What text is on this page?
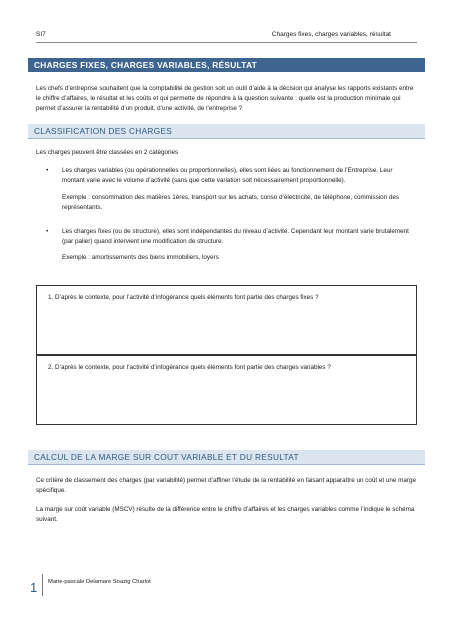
SI7	Charges fixes, charges variables, résultat
CHARGES FIXES, CHARGES VARIABLES, RÉSULTAT

Les chefs d’entreprise souhaitent que la comptabilité de gestion soit un outil d’aide à la décision qui analyse les rapports existants entre le chiffre d’affaires, le résultat et les coûts et qui permette de répondre à la question suivante : quelle est la production minimale qui permet d’assurer la rentabilité d’un produit, d’une activité, de l’entreprise ?

CLASSIFICATION DES CHARGES

Les charges peuvent être classées en 2 catégories

• Les charges variables (ou opérationnelles ou proportionnelles), elles sont liées au fonctionnement de l’Entreprise. Leur montant varie avec le volume d’activité (sans que cette variation soit nécessairement proportionnelle).

Exemple : consommation des matières 1ères, transport sur les achats, conso d’électricité, de téléphone, commission des représentants.

• Les charges fixes (ou de structure), elles sont indépendantes du niveau d’activité. Cependant leur montant varie brutalement (par palier) quand intervient une modification de structure.

Exemple : amortissements des biens immobiliers, loyers

1. D’après le contexte, pour l’activité d’infogérance quels éléments font partie des charges fixes ?
2. D’après le contexte, pour l’activité d’infogérance quels éléments font partie des charges variables ?
CALCUL DE LA MARGE SUR COUT VARIABLE ET DU RESULTAT

Ce critère de classement des charges (par variabilité) permet d’affiner l’étude de la rentabilité en faisant apparaître un coût et une marge spécifique.

La marge sur coût variable (MSCV) résulte de la différence entre le chiffre d’affaires et les charges variables comme l’indique le schéma suivant.

1 Marie-pascale Delamare Soazig Charlot
